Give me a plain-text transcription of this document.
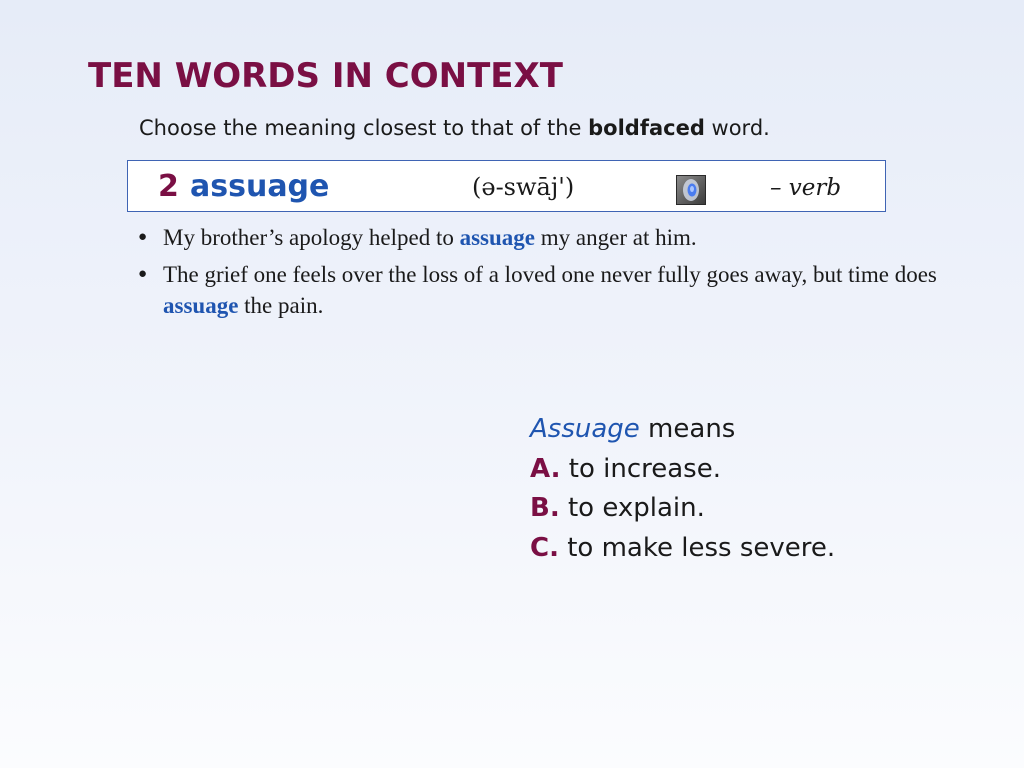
TEN WORDS IN CONTEXT
Choose the meaning closest to that of the boldfaced word.
2 assuage	(ə-swāj')	– verb
● My brother’s apology helped to assuage my anger at him.
● The grief one feels over the loss of a loved one never fully goes away, but time does assuage the pain.
Assuage means
A. to increase.
B. to explain.
C. to make less severe.
